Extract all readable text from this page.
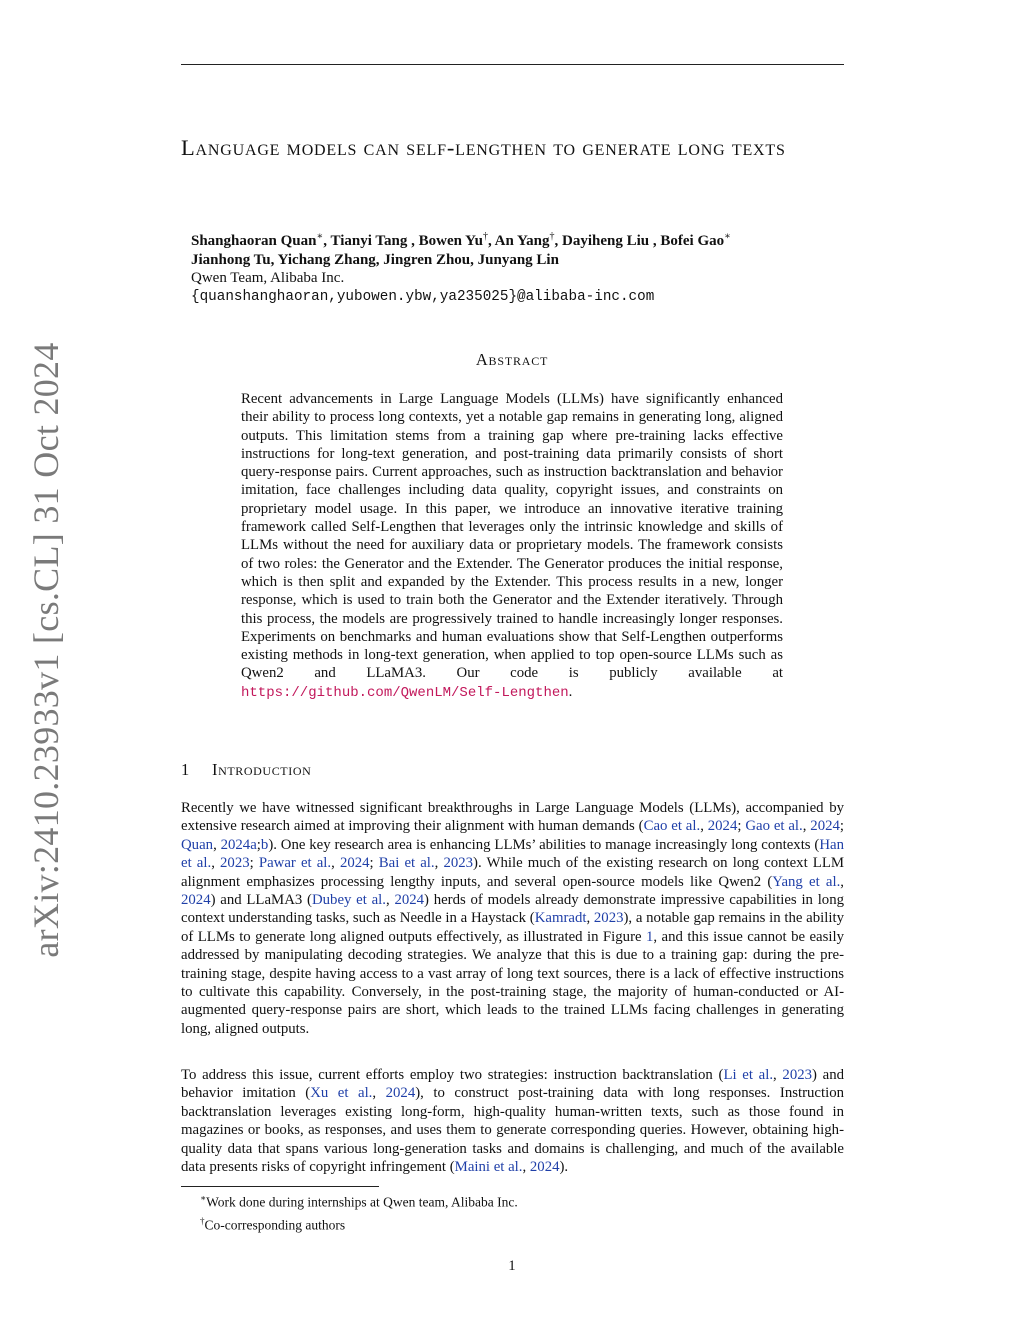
arXiv:2410.23933v1 [cs.CL] 31 Oct 2024
Language models can self-lengthen to generate long texts
Shanghaoran Quan∗, Tianyi Tang , Bowen Yu†, An Yang†, Dayiheng Liu , Bofei Gao∗
Jianhong Tu, Yichang Zhang, Jingren Zhou, Junyang Lin
Qwen Team, Alibaba Inc.
{quanshanghaoran,yubowen.ybw,ya235025}@alibaba-inc.com
Abstract
Recent advancements in Large Language Models (LLMs) have significantly enhanced their ability to process long contexts, yet a notable gap remains in generating long, aligned outputs. This limitation stems from a training gap where pre-training lacks effective instructions for long-text generation, and post-training data primarily consists of short query-response pairs. Current approaches, such as instruction backtranslation and behavior imitation, face challenges including data quality, copyright issues, and constraints on proprietary model usage. In this paper, we introduce an innovative iterative training framework called Self-Lengthen that leverages only the intrinsic knowledge and skills of LLMs without the need for auxiliary data or proprietary models. The framework consists of two roles: the Generator and the Extender. The Generator produces the initial response, which is then split and expanded by the Extender. This process results in a new, longer response, which is used to train both the Generator and the Extender iteratively. Through this process, the models are progressively trained to handle increasingly longer responses. Experiments on benchmarks and human evaluations show that Self-Lengthen outperforms existing methods in long-text generation, when applied to top open-source LLMs such as Qwen2 and LLaMA3. Our code is publicly available at https://github.com/QwenLM/Self-Lengthen.
1 Introduction
Recently we have witnessed significant breakthroughs in Large Language Models (LLMs), accompanied by extensive research aimed at improving their alignment with human demands (Cao et al., 2024; Gao et al., 2024; Quan, 2024a;b). One key research area is enhancing LLMs’ abilities to manage increasingly long contexts (Han et al., 2023; Pawar et al., 2024; Bai et al., 2023). While much of the existing research on long context LLM alignment emphasizes processing lengthy inputs, and several open-source models like Qwen2 (Yang et al., 2024) and LLaMA3 (Dubey et al., 2024) herds of models already demonstrate impressive capabilities in long context understanding tasks, such as Needle in a Haystack (Kamradt, 2023), a notable gap remains in the ability of LLMs to generate long aligned outputs effectively, as illustrated in Figure 1, and this issue cannot be easily addressed by manipulating decoding strategies. We analyze that this is due to a training gap: during the pre-training stage, despite having access to a vast array of long text sources, there is a lack of effective instructions to cultivate this capability. Conversely, in the post-training stage, the majority of human-conducted or AI-augmented query-response pairs are short, which leads to the trained LLMs facing challenges in generating long, aligned outputs.
To address this issue, current efforts employ two strategies: instruction backtranslation (Li et al., 2023) and behavior imitation (Xu et al., 2024), to construct post-training data with long responses. Instruction backtranslation leverages existing long-form, high-quality human-written texts, such as those found in magazines or books, as responses, and uses them to generate corresponding queries. However, obtaining high-quality data that spans various long-generation tasks and domains is challenging, and much of the available data presents risks of copyright infringement (Maini et al., 2024).
∗Work done during internships at Qwen team, Alibaba Inc.
†Co-corresponding authors
1
